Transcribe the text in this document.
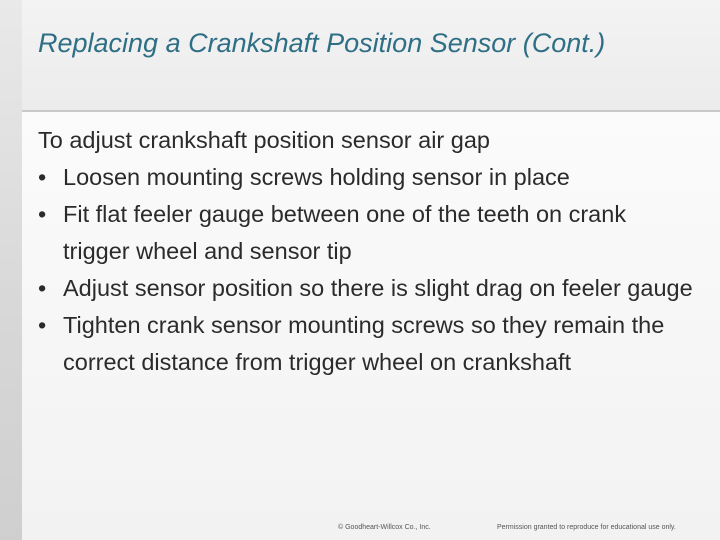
Replacing a Crankshaft Position Sensor (Cont.)

To adjust crankshaft position sensor air gap

• Loosen mounting screws holding sensor in place
• Fit flat feeler gauge between one of the teeth on crank trigger wheel and sensor tip
• Adjust sensor position so there is slight drag on feeler gauge
• Tighten crank sensor mounting screws so they remain the correct distance from trigger wheel on crankshaft
© Goodheart-Willcox Co., Inc.	Permission granted to reproduce for educational use only.
